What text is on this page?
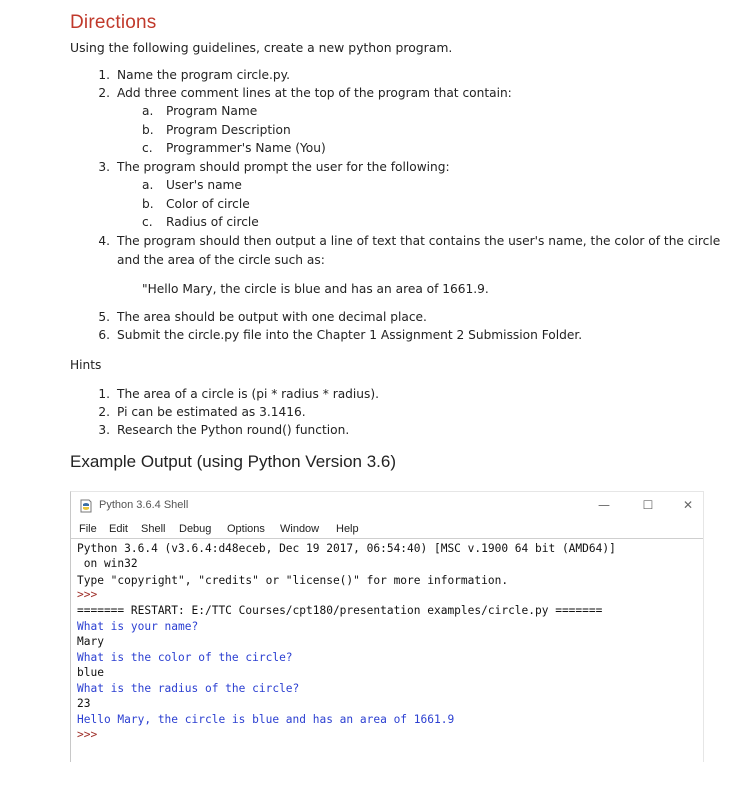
Directions
Using the following guidelines, create a new python program.
1. Name the program circle.py.
2. Add three comment lines at the top of the program that contain:
a. Program Name
b. Program Description
c. Programmer's Name (You)
3. The program should prompt the user for the following:
a. User's name
b. Color of circle
c. Radius of circle
4. The program should then output a line of text that contains the user's name, the color of the circle
and the area of the circle such as:
"Hello Mary, the circle is blue and has an area of 1661.9.
5. The area should be output with one decimal place.
6. Submit the circle.py file into the Chapter 1 Assignment 2 Submission Folder.
Hints
1. The area of a circle is (pi * radius * radius).
2. Pi can be estimated as 3.1416.
3. Research the Python round() function.
Example Output (using Python Version 3.6)
Python 3.6.4 Shell	—	☐	✕
File Edit Shell Debug Options Window Help
Python 3.6.4 (v3.6.4:d48eceb, Dec 19 2017, 06:54:40) [MSC v.1900 64 bit (AMD64)]
on win32
Type "copyright", "credits" or "license()" for more information.
>>>
======= RESTART: E:/TTC Courses/cpt180/presentation examples/circle.py =======
What is your name?
Mary
What is the color of the circle?
blue
What is the radius of the circle?
23
Hello Mary, the circle is blue and has an area of 1661.9
>>>
